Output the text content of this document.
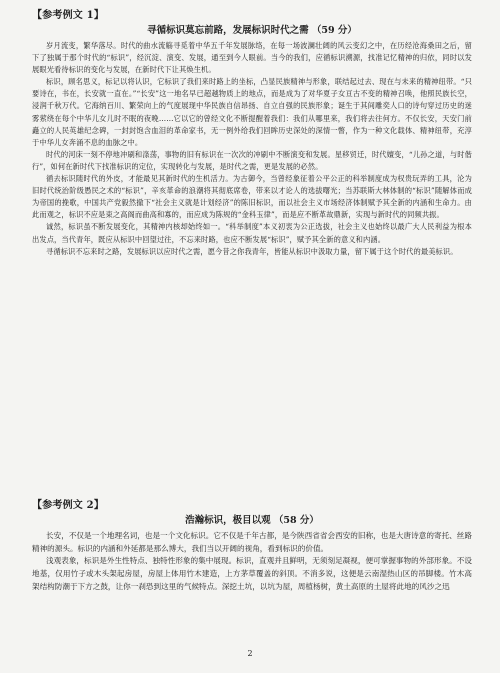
【参考例文 1】
寻循标识莫忘前路，发展标识时代之需 （59 分）

岁月流变，繁华落尽。时代的曲水流觞寻觅着中华五千年发展脉络，在每一场波澜壮阔的风云变幻之中，在历经沧海桑田之后，留下了独属于那个时代的“标识”，经沉淀、演变、发展，通至到今人眼前。当今的我们，应循标识溯源，找准记忆精神的归依，同时以发展眼光看待标识的变化与发展，在新时代下让其焕生机。

标识，顾名思义，标记以将认识，它标识了我们来时路上的坐标，凸显民族精神与形象，联结起过去、现在与未来的精神纽带。“只要诗在，书在，长安就一直在。”“长安”这一地名早已超越物质上的地点，而是成为了对华夏子女亘古不变的精神召唤，他照民族长空，浸润千秋万代。它海纳百川、繁荣向上的气度展现中华民族自信昂扬、自立自强的民族形象；诞生于其间雕奕人口的诗句穿过历史的迷雾萦绕在每个中华儿女儿时不眠的夜晚……它以它的曾经文化不断提醒着我们：我们从哪里来，我们将去往何方。不仅长安，天安门前矗立的人民英雄纪念碑，一封封饱含血泪的革命家书，无一例外给我们回眸历史深处的深情一瞥，作为一种文化载体、精神纽带，充淳于中华儿女奔涌不息的血脉之中。

时代的河床一刻不停地冲刷和涤荡，事物的旧有标识在一次次的冲刷中不断演变和发展。星移贸迁，时代嬗变，“儿孙之道，与时偕行”，如何在新时代下找准标识的定位，实现转化与发展，是时代之需，更是发展的必然。

循去标识随时代的外皮，才能最见其新时代的生机活力。为古御今，当曾经象征着公平公正的科举制度成为权贵玩弄的工具，沦为旧时代统治阶级愚民之术的“标识”，辛亥革命的浪潮将其彻底席卷，带来以才论人的选拔曙光；当苏联斯大林体制的“标识”随解体而成为帝国的挽歌，中国共产党毅然撤下“社会主义就是计划经济”的陈旧标识，而以社会主义市场经济体制赋予其全新的内涵和生命力。由此而观之，标识不应是束之高阁而曲高和寡的，而应成为陈规的“金科玉律”，而是应不断革故鼎新，实现与新时代的同频共振。

诚然，标识虽不断发展变化，其精神内核却始终如一。“科举制度”本义初衷为公正选拔，社会主义也始终以最广大人民利益为根本出发点，当代青年，既应从标识中回望过往，不忘来时路，也应不断发展“标识”，赋予其全新的意义和内涵。

寻循标识不忘来时之路，发展标识以应时代之需，愿今昔之你我青年，皆能从标识中汲取力量，留下属于这个时代的最美标识。

【参考例文 2】
浩瀚标识，极目以观 （58 分）

长安，不仅是一个地理名词，也是一个文化标识。它不仅是千年古都，是今陕西省省会西安的旧称，也是大唐诗意的寄托、丝路精神的源头。标识的内涵和外延都是那么博大，我们当以开阔的视角，看到标识的价值。

浅观表象，标识是外生性特点、独特性形象的集中展现。标识，直观并且鲜明，无须刻足凝视，便可掌握事物的外部形象。不设地基，仅用竹子或木头架起房屋，房屋上体用竹木建造，上方茅草覆盖的斜顶。不消多说，这便是云南湿热山区的吊脚楼。竹木高架结构防潮于下方之鼓，让你一刹恐到这里的气候特点。深挖土坑，以坑为屋，周植杨树，黄土高原的土屋将此地的风沙之迅

2
